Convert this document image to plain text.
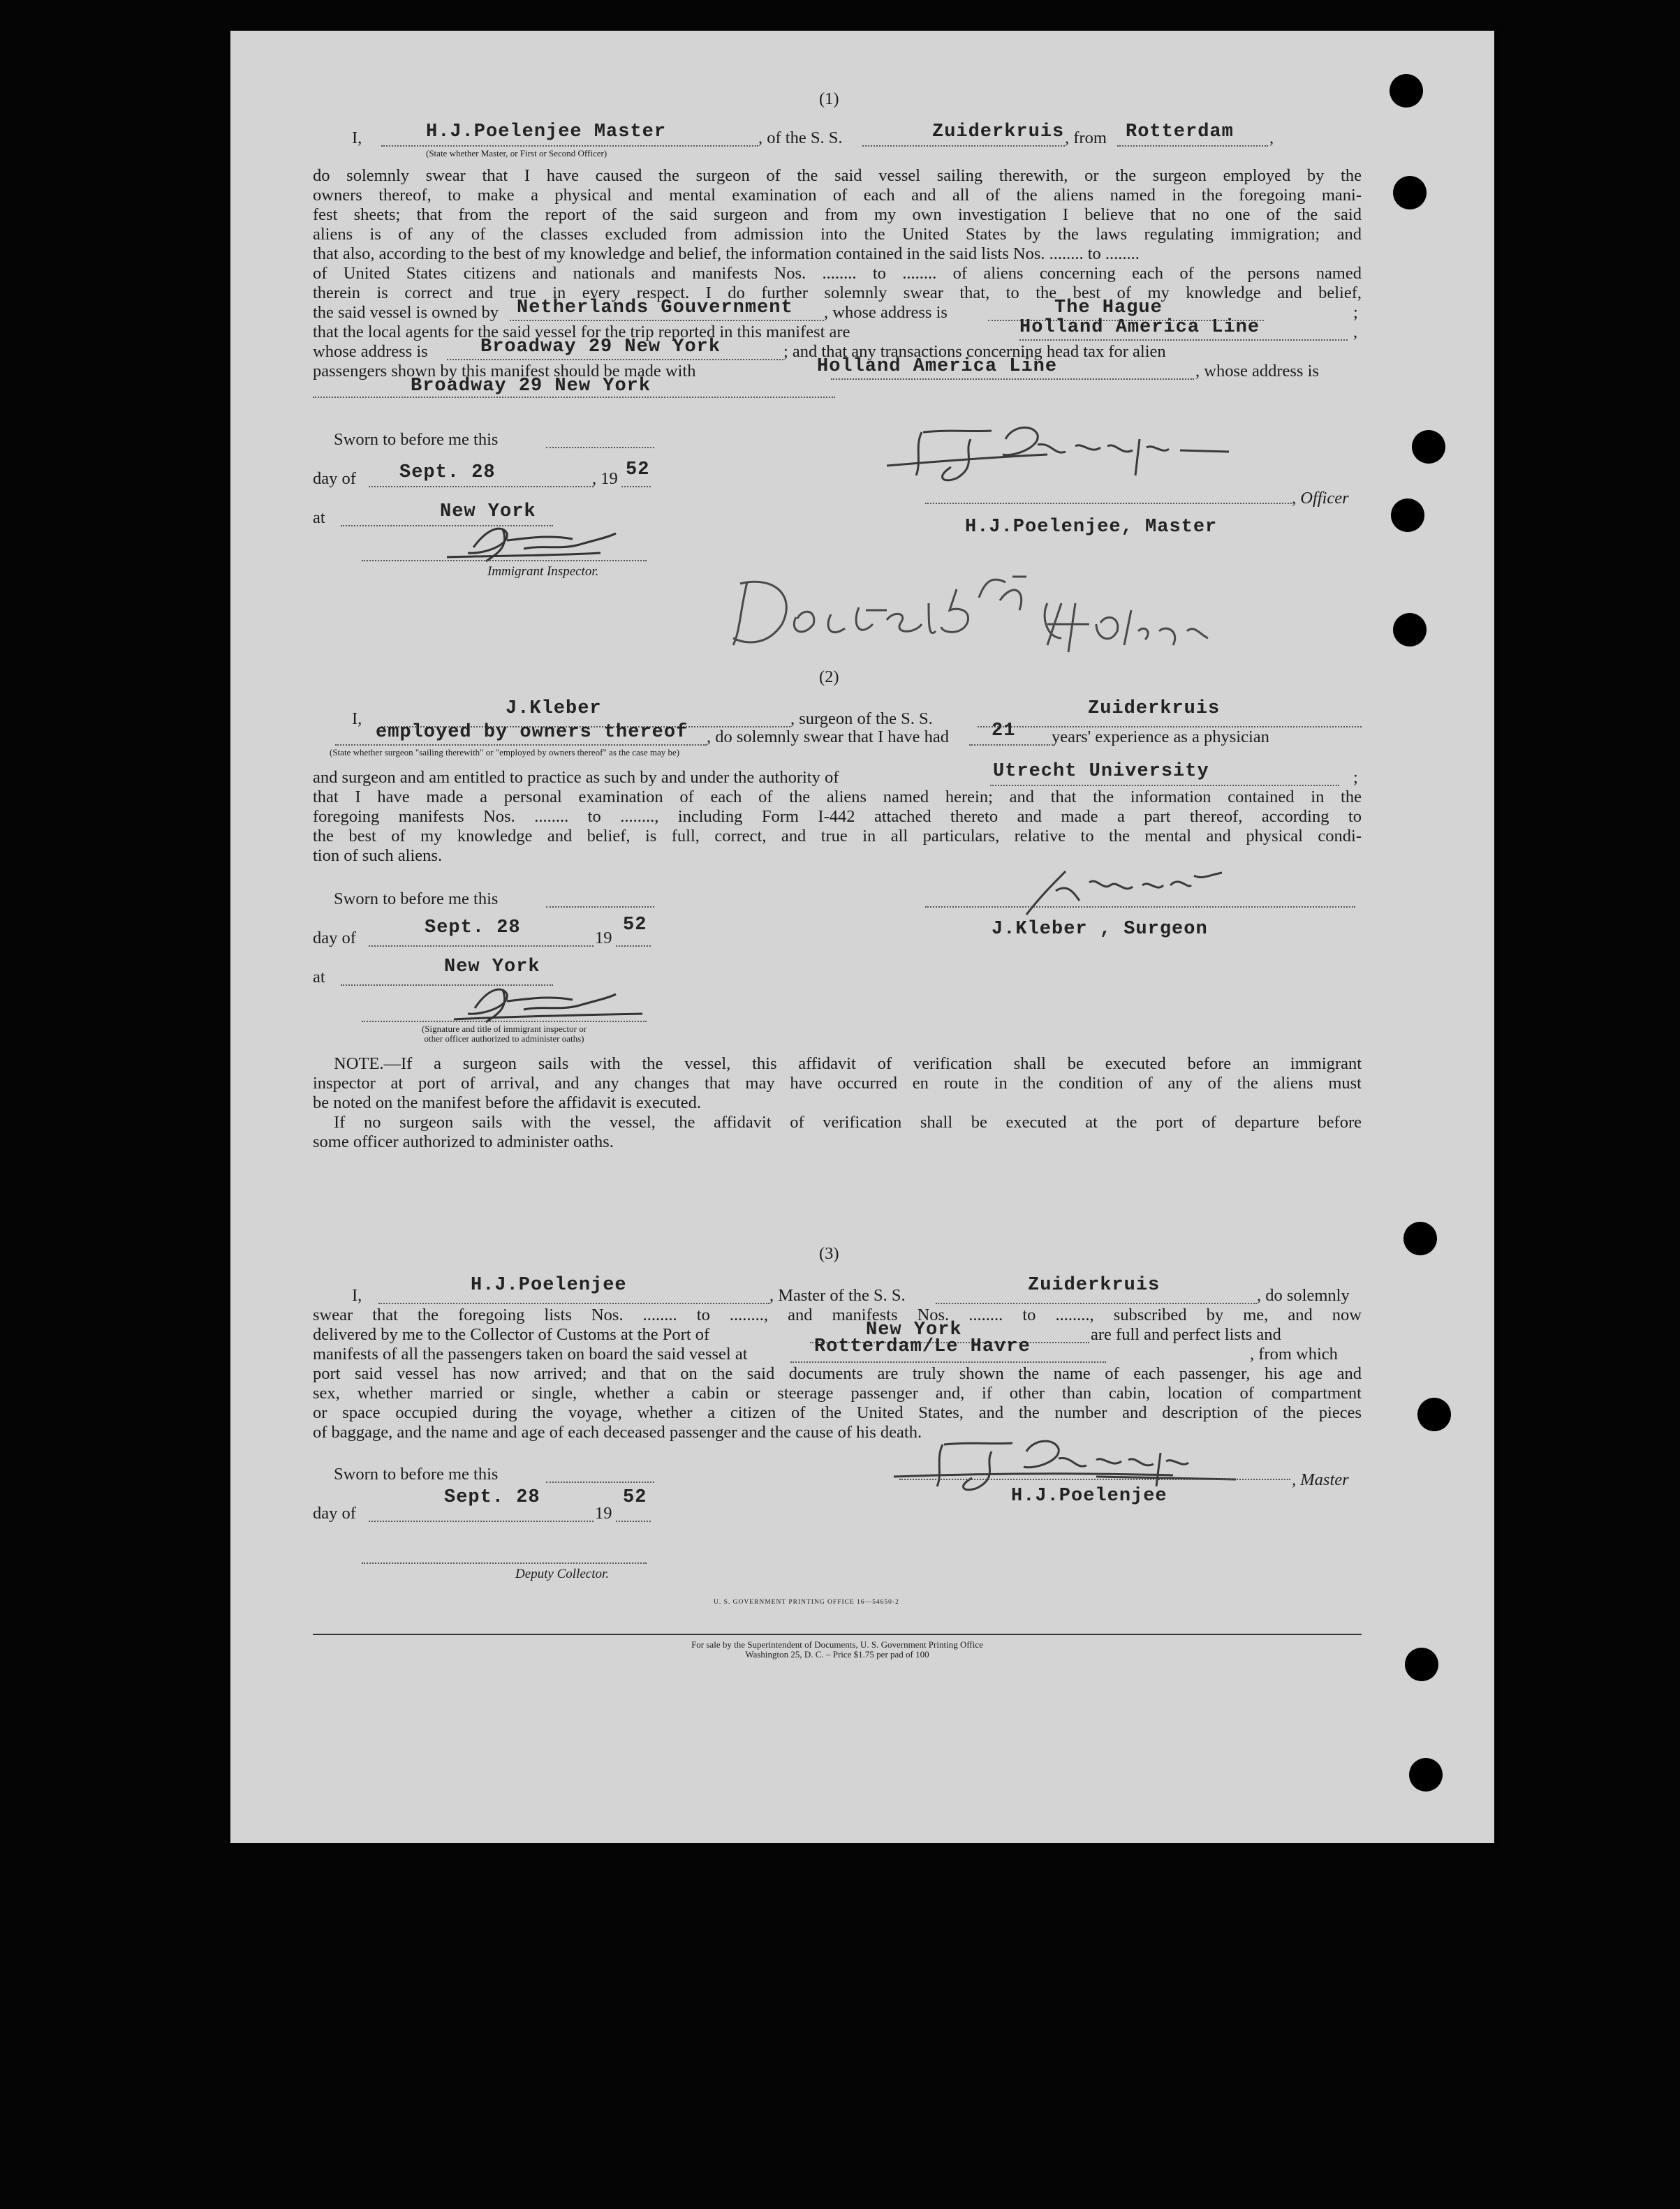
(1)
I,	H.J.Poelenjee Master
(State whether Master, or First or Second Officer)
, of the S. S.	Zuiderkruis , from Rotterdam ,
do solemnly swear that I have caused the surgeon of the said vessel sailing therewith, or the surgeon employed by the
owners thereof, to make a physical and mental examination of each and all of the aliens named in the foregoing mani-
fest sheets; that from the report of the said surgeon and from my own investigation I believe that no one of the said
aliens is of any of the classes excluded from admission into the United States by the laws regulating immigration; and
that also, according to the best of my knowledge and belief, the information contained in the said lists Nos. ........ to ........
of United States citizens and nationals and manifests Nos. ........ to ........ of aliens concerning each of the persons named
therein is correct and true in every respect. I do further solemnly swear that, to the best of my knowledge and belief,
the said vessel is owned by Netherlands Gouvernment , whose address is	The Hague	;
that the local agents for the said vessel for the trip reported in this manifest are	Holland America Line	,
whose address is	Broadway 29 New York	; and that any transactions concerning head tax for alien
passengers shown by this manifest should be made with	Holland America Line	, whose address is
Broadway 29 New York
Sworn to before me this
day of Sept. 28	, 19 52
at	New York
, Officer
H.J.Poelenjee, Master
Immigrant Inspector.
(2)
I,	J.Kleber	, surgeon of the S. S.	Zuiderkruis
employed by owners thereof , do solemnly swear that I have had 21 years' experience as a physician
(State whether surgeon "sailing therewith" or "employed by owners thereof" as the case may be)
and surgeon and am entitled to practice as such by and under the authority of	Utrecht University	;
that I have made a personal examination of each of the aliens named herein; and that the information contained in the
foregoing manifests Nos. ........ to ........, including Form I-442 attached thereto and made a part thereof, according to
the best of my knowledge and belief, is full, correct, and true in all particulars, relative to the mental and physical condi-
tion of such aliens.
Sworn to before me this
day of	Sept. 28	19
52
at	New York
J.Kleber , Surgeon
(Signature and title of immigrant inspector or
other officer authorized to administer oaths)
NOTE.—If a surgeon sails with the vessel, this affidavit of verification shall be executed before an immigrant
inspector at port of arrival, and any changes that may have occurred en route in the condition of any of the aliens must
be noted on the manifest before the affidavit is executed.
If no surgeon sails with the vessel, the affidavit of verification shall be executed at the port of departure before
some officer authorized to administer oaths.
(3)
I,	H.J.Poelenjee	, Master of the S. S.	Zuiderkruis	, do solemnly
swear that the foregoing lists Nos. ........ to ........, and manifests Nos. ........ to ........, subscribed by me, and now
delivered by me to the Collector of Customs at the Port of	New York	are full and perfect lists and
manifests of all the passengers taken on board the said vessel at	Rotterdam/Le Havre	, from which
port said vessel has now arrived; and that on the said documents are truly shown the name of each passenger, his age and
sex, whether married or single, whether a cabin or steerage passenger and, if other than cabin, location of compartment
or space occupied during the voyage, whether a citizen of the United States, and the number and description of the pieces
of baggage, and the name and age of each deceased passenger and the cause of his death.
Sworn to before me this
day of
Sept. 28
19
52
, Master
H.J.Poelenjee
Deputy Collector.
U. S. GOVERNMENT PRINTING OFFICE 16—54650-2
For sale by the Superintendent of Documents, U. S. Government Printing Office
Washington 25, D. C. – Price $1.75 per pad of 100
